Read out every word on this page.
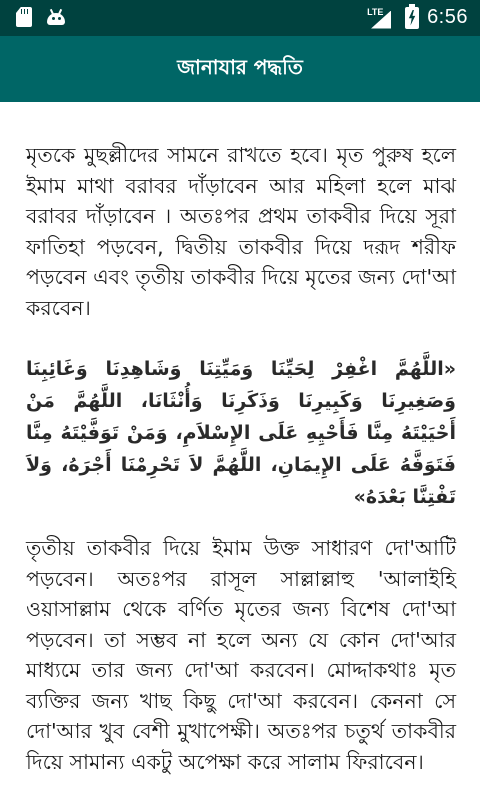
LTE 6:56
জানাযার পদ্ধতি

মৃতকে মুছল্লীদের সামনে রাখতে হবে। মৃত পুরুষ হলে ইমাম মাথা বরাবর দাঁড়াবেন আর মহিলা হলে মাঝ বরাবর দাঁড়াবেন । অতঃপর প্রথম তাকবীর দিয়ে সূরা ফাতিহা পড়বেন, দ্বিতীয় তাকবীর দিয়ে দরূদ শরীফ পড়বেন এবং তৃতীয় তাকবীর দিয়ে মৃতের জন্য দো'আ করবেন।

«اللَّهُمَّ اغْفِرْ لِحَيِّنَا وَمَيِّتِنَا وَشَاهِدِنَا وَغَائِبِنَا وَصَغِيرِنَا وَكَبِيرِنَا وَذَكَرِنَا وَأُنْثَانَا، اللَّهُمَّ مَنْ أَحْيَيْتَهُ مِنَّا فَأَحْيِهِ عَلَى الإِسْلاَمِ، وَمَنْ تَوَفَّيْتَهُ مِنَّا فَتَوَفَّهُ عَلَى الإِيمَانِ، اللَّهُمَّ لاَ تَحْرِمْنَا أَجْرَهُ، وَلاَ تَفْتِنَّا بَعْدَهُ»

তৃতীয় তাকবীর দিয়ে ইমাম উক্ত সাধারণ দো'আটি পড়বেন। অতঃপর রাসূল সাল্লাল্লাহু 'আলাইহি ওয়াসাল্লাম থেকে বর্ণিত মৃতের জন্য বিশেষ দো'আ পড়বেন। তা সম্ভব না হলে অন্য যে কোন দো'আর মাধ্যমে তার জন্য দো'আ করবেন। মোদ্দাকথাঃ মৃত ব্যক্তির জন্য খাছ কিছু দো'আ করবেন। কেননা সে দো'আর খুব বেশী মুখাপেক্ষী। অতঃপর চতুর্থ তাকবীর দিয়ে সামান্য একটু অপেক্ষা করে সালাম ফিরাবেন।
